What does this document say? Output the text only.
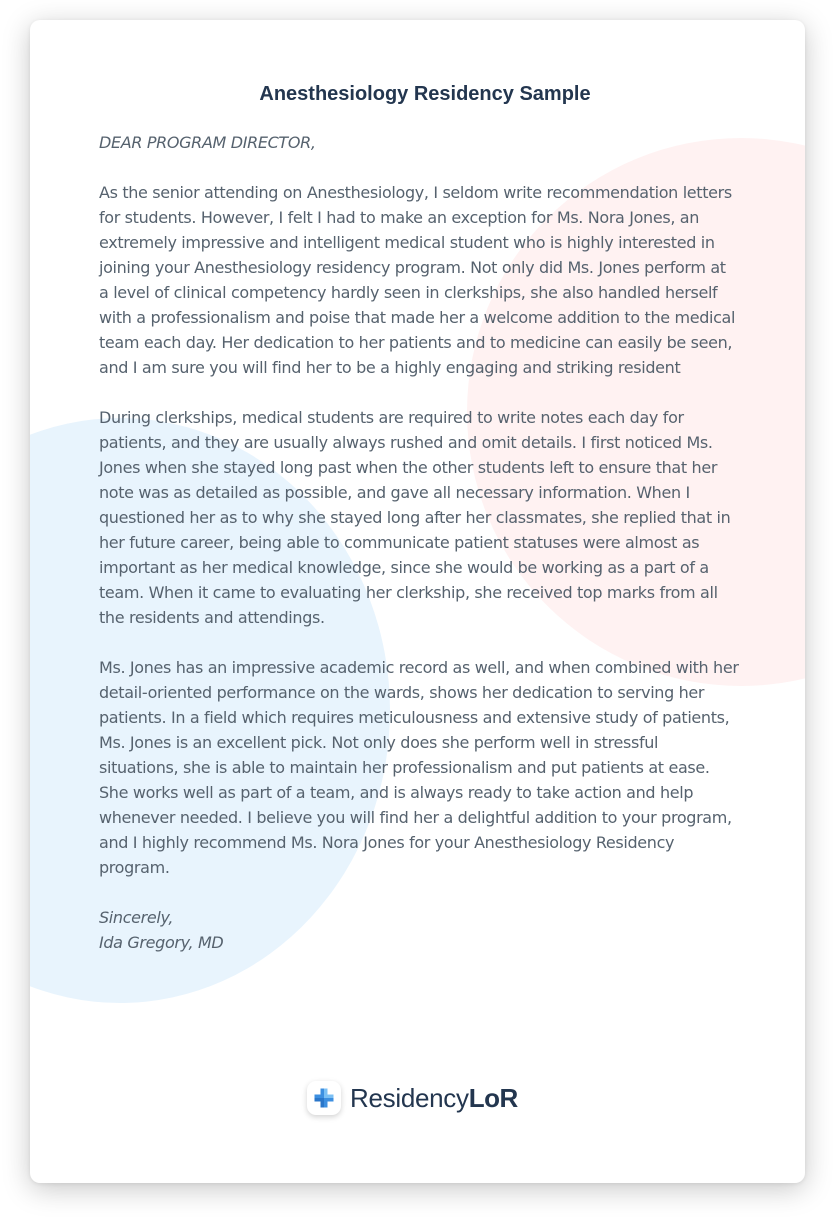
Anesthesiology Residency Sample

DEAR PROGRAM DIRECTOR,

As the senior attending on Anesthesiology, I seldom write recommendation letters for students. However, I felt I had to make an exception for Ms. Nora Jones, an extremely impressive and intelligent medical student who is highly interested in joining your Anesthesiology residency program. Not only did Ms. Jones perform at a level of clinical competency hardly seen in clerkships, she also handled herself with a professionalism and poise that made her a welcome addition to the medical team each day. Her dedication to her patients and to medicine can easily be seen, and I am sure you will find her to be a highly engaging and striking resident

During clerkships, medical students are required to write notes each day for patients, and they are usually always rushed and omit details. I first noticed Ms. Jones when she stayed long past when the other students left to ensure that her note was as detailed as possible, and gave all necessary information. When I questioned her as to why she stayed long after her classmates, she replied that in her future career, being able to communicate patient statuses were almost as important as her medical knowledge, since she would be working as a part of a team. When it came to evaluating her clerkship, she received top marks from all the residents and attendings.

Ms. Jones has an impressive academic record as well, and when combined with her detail-oriented performance on the wards, shows her dedication to serving her patients. In a field which requires meticulousness and extensive study of patients, Ms. Jones is an excellent pick. Not only does she perform well in stressful situations, she is able to maintain her professionalism and put patients at ease. She works well as part of a team, and is always ready to take action and help whenever needed. I believe you will find her a delightful addition to your program, and I highly recommend Ms. Nora Jones for your Anesthesiology Residency program.

Sincerely,

Ida Gregory, MD

Residency LoR
